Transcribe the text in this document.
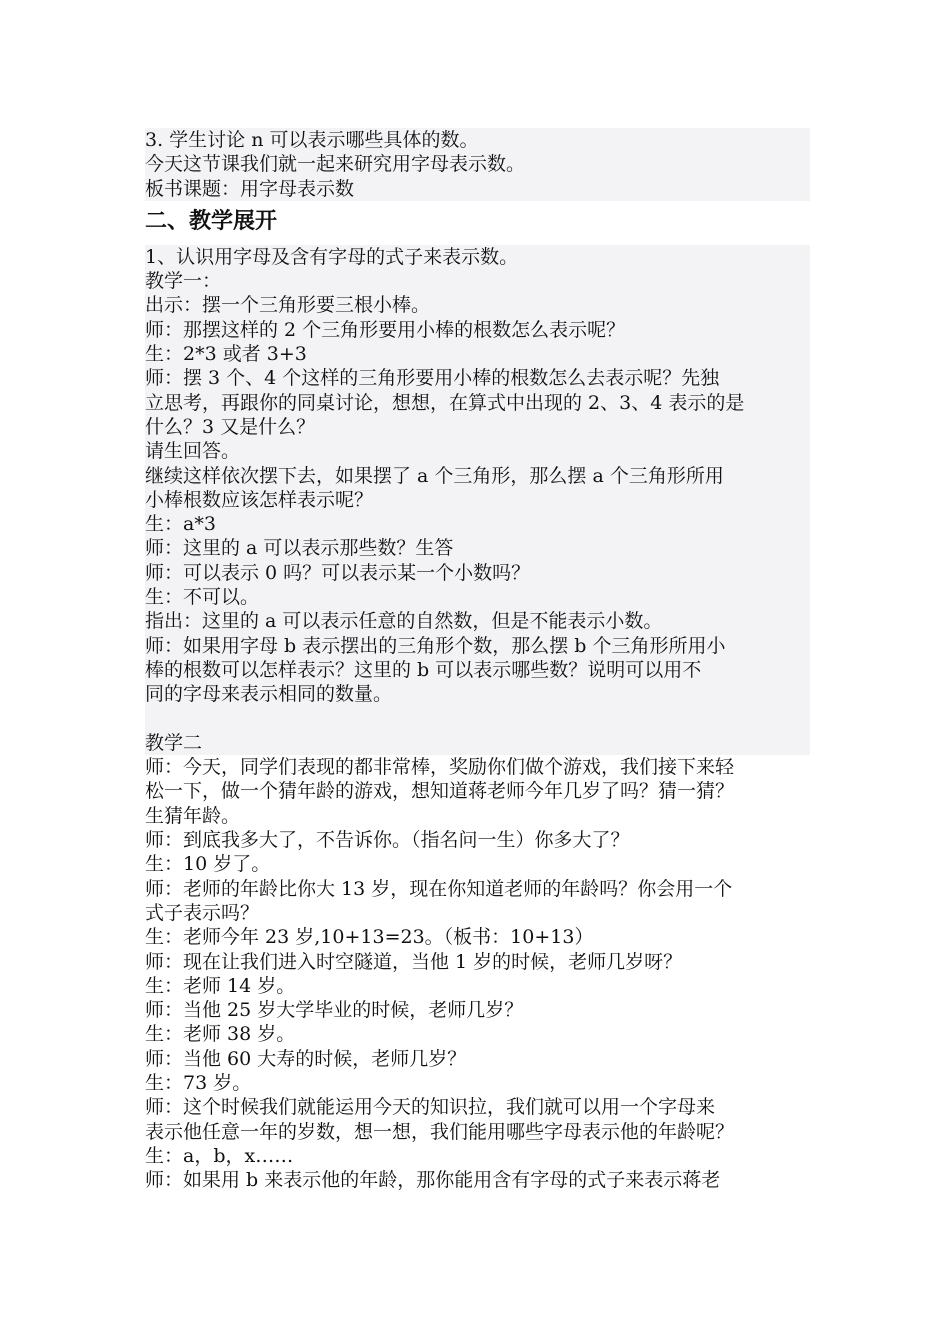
3. 学生讨论 n 可以表示哪些具体的数。
今天这节课我们就一起来研究用字母表示数。
板书课题：用字母表示数
二、教学展开
1、认识用字母及含有字母的式子来表示数。
教学一：
出示：摆一个三角形要三根小棒。
师：那摆这样的 2 个三角形要用小棒的根数怎么表示呢？
生：2*3 或者 3+3
师：摆 3 个、4 个这样的三角形要用小棒的根数怎么去表示呢？先独
立思考，再跟你的同桌讨论，想想，在算式中出现的 2、3、4 表示的是
什么？3 又是什么？
请生回答。
继续这样依次摆下去，如果摆了 a 个三角形，那么摆 a 个三角形所用
小棒根数应该怎样表示呢？
生：a*3
师：这里的 a 可以表示那些数？生答
师：可以表示 0 吗？可以表示某一个小数吗？
生：不可以。
指出：这里的 a 可以表示任意的自然数，但是不能表示小数。
师：如果用字母 b 表示摆出的三角形个数，那么摆 b 个三角形所用小
棒的根数可以怎样表示？这里的 b 可以表示哪些数？说明可以用不
同的字母来表示相同的数量。
教学二
师：今天，同学们表现的都非常棒，奖励你们做个游戏，我们接下来轻
松一下，做一个猜年龄的游戏，想知道蒋老师今年几岁了吗？猜一猜？
生猜年龄。
师：到底我多大了，不告诉你。（指名问一生）你多大了？
生：10 岁了。
师：老师的年龄比你大 13 岁，现在你知道老师的年龄吗？你会用一个
式子表示吗？
生：老师今年 23 岁,10+13=23。（板书：10+13）
师：现在让我们进入时空隧道，当他 1 岁的时候，老师几岁呀？
生：老师 14 岁。
师：当他 25 岁大学毕业的时候，老师几岁？
生：老师 38 岁。
师：当他 60 大寿的时候，老师几岁？
生：73 岁。
师：这个时候我们就能运用今天的知识拉，我们就可以用一个字母来
表示他任意一年的岁数，想一想，我们能用哪些字母表示他的年龄呢？
生：a，b，x……
师：如果用 b 来表示他的年龄，那你能用含有字母的式子来表示蒋老
